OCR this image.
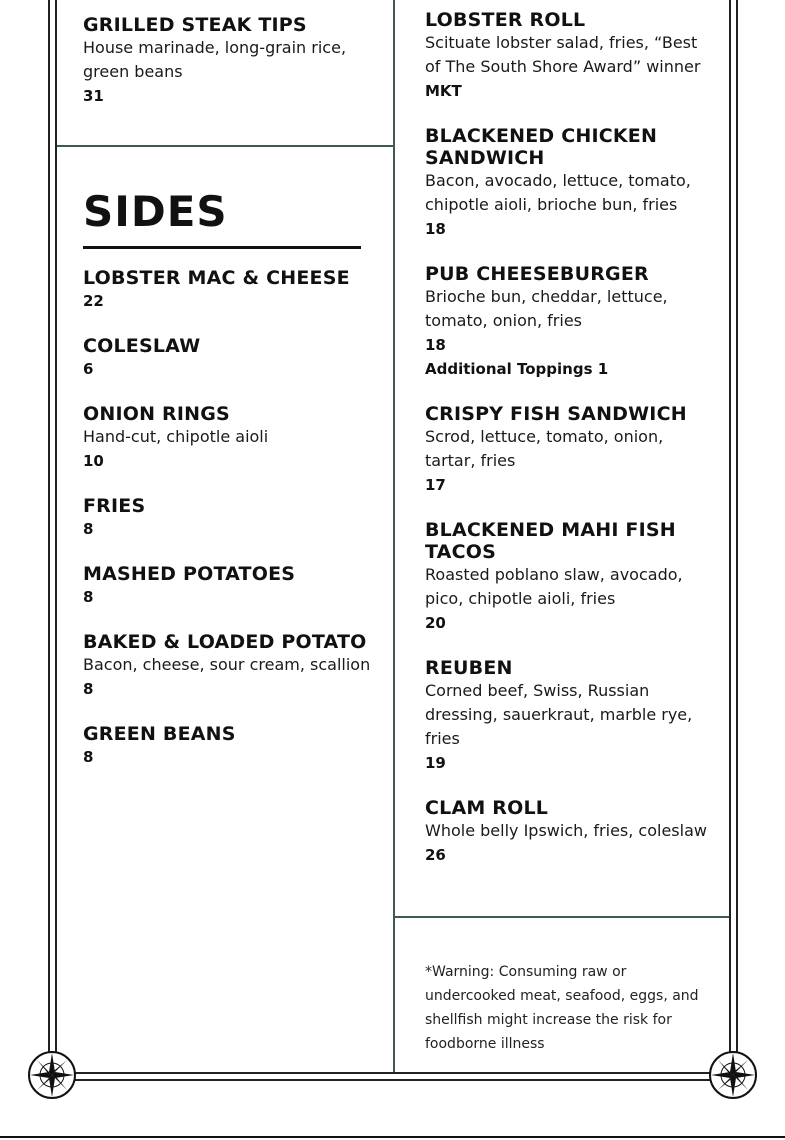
GRILLED STEAK TIPS

House marinade, long-grain rice, green beans

31

SIDES

LOBSTER MAC & CHEESE

22

COLESLAW

6

ONION RINGS

Hand-cut, chipotle aioli

10

FRIES

8

MASHED POTATOES

8

BAKED & LOADED POTATO

Bacon, cheese, sour cream, scallion

8

GREEN BEANS

8

LOBSTER ROLL

Scituate lobster salad, fries, “Best of The South Shore Award” winner

MKT

BLACKENED CHICKEN SANDWICH

Bacon, avocado, lettuce, tomato, chipotle aioli, brioche bun, fries

18

PUB CHEESEBURGER

Brioche bun, cheddar, lettuce, tomato, onion, fries

18

Additional Toppings 1

CRISPY FISH SANDWICH

Scrod, lettuce, tomato, onion, tartar, fries

17

BLACKENED MAHI FISH TACOS

Roasted poblano slaw, avocado, pico, chipotle aioli, fries

20

REUBEN

Corned beef, Swiss, Russian dressing, sauerkraut, marble rye, fries

19

CLAM ROLL

Whole belly Ipswich, fries, coleslaw

26

*Warning: Consuming raw or undercooked meat, seafood, eggs, and shellfish might increase the risk for foodborne illness
